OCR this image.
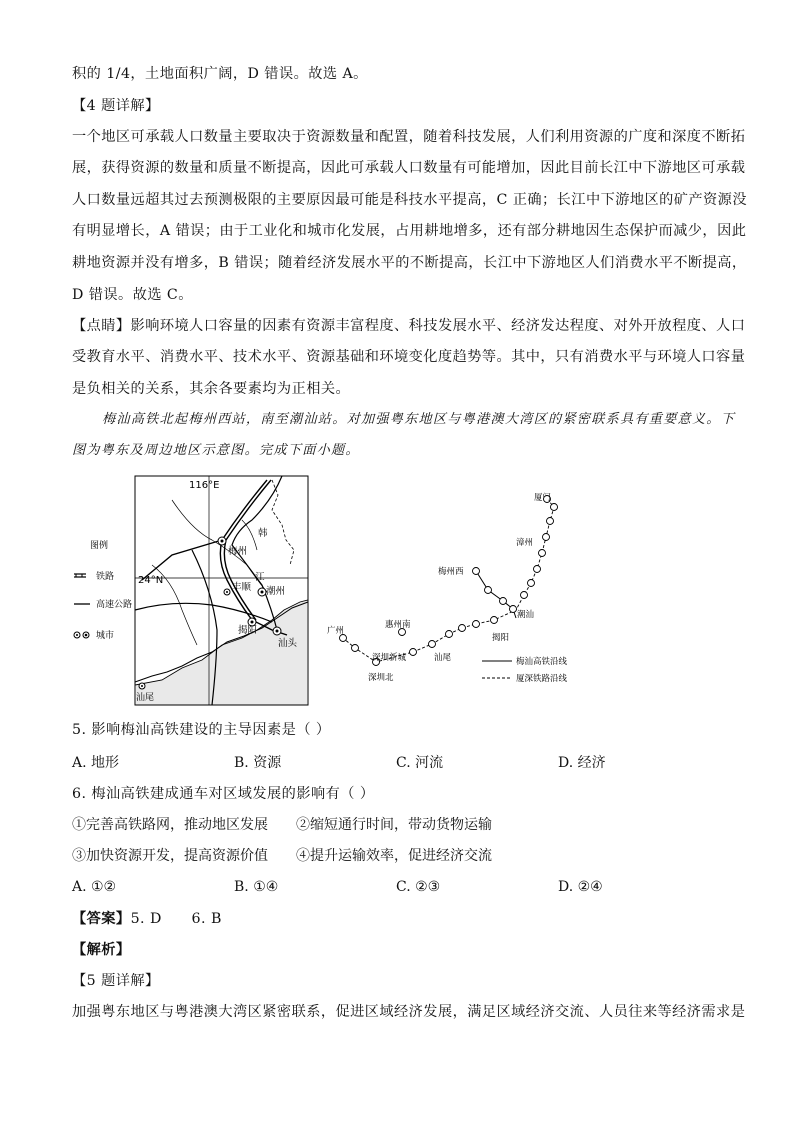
积的 1/4，土地面积广阔，D 错误。故选 A。
【4 题详解】
一个地区可承载人口数量主要取决于资源数量和配置，随着科技发展，人们利用资源的广度和深度不断拓
展，获得资源的数量和质量不断提高，因此可承载人口数量有可能增加，因此目前长江中下游地区可承载
人口数量远超其过去预测极限的主要原因最可能是科技水平提高，C 正确；长江中下游地区的矿产资源没
有明显增长，A 错误；由于工业化和城市化发展，占用耕地增多，还有部分耕地因生态保护而减少，因此
耕地资源并没有增多，B 错误；随着经济发展水平的不断提高，长江中下游地区人们消费水平不断提高，
D 错误。故选 C。
【点睛】影响环境人口容量的因素有资源丰富程度、科技发展水平、经济发达程度、对外开放程度、人口
受教育水平、消费水平、技术水平、资源基础和环境变化度趋势等。其中，只有消费水平与环境人口容量
是负相关的关系，其余各要素均为正相关。
梅汕高铁北起梅州西站，南至潮汕站。对加强粤东地区与粤港澳大湾区的紧密联系具有重要意义。下
图为粤东及周边地区示意图。完成下面小题。
图例
铁路
高速公路
城市
116°E
24°N
梅州
韩
江
丰顺 潮州
揭阳
汕头
汕尾
厦门
漳州
梅州西
潮汕
揭阳
广州
惠州南
深圳新城	汕尾
深圳北
梅汕高铁沿线
厦深铁路沿线
5. 影响梅汕高铁建设的主导因素是（ ）
A. 地形	B. 资源	C. 河流	D. 经济
6. 梅汕高铁建成通车对区域发展的影响有（ ）
①完善高铁路网，推动地区发展 ②缩短通行时间，带动货物运输
③加快资源开发，提高资源价值 ④提升运输效率，促进经济交流
A. ①②	B. ①④	C. ②③	D. ②④
【答案】5. D      6. B
【解析】
【5 题详解】
加强粤东地区与粤港澳大湾区紧密联系，促进区域经济发展，满足区域经济交流、人员往来等经济需求是
